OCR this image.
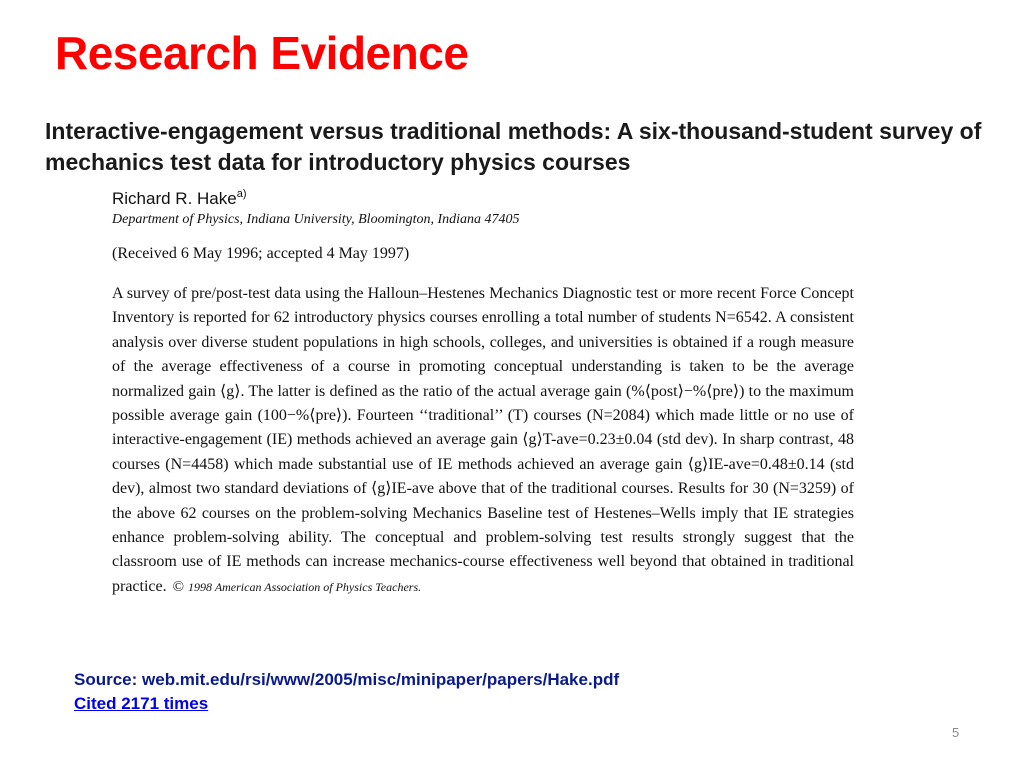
Research Evidence
Interactive-engagement versus traditional methods: A six-thousand-student survey of mechanics test data for introductory physics courses
Richard R. Hake$^{a)}$
Department of Physics, Indiana University, Bloomington, Indiana 47405
(Received 6 May 1996; accepted 4 May 1997)

A survey of pre/post-test data using the Halloun–Hestenes Mechanics Diagnostic test or more recent Force Concept Inventory is reported for 62 introductory physics courses enrolling a total number of students N=6542. A consistent analysis over diverse student populations in high schools, colleges, and universities is obtained if a rough measure of the average effectiveness of a course in promoting conceptual understanding is taken to be the average normalized gain ⟨g⟩. The latter is defined as the ratio of the actual average gain (%⟨post⟩−%⟨pre⟩) to the maximum possible average gain (100−%⟨pre⟩). Fourteen ‘‘traditional’’ (T) courses (N=2084) which made little or no use of interactive-engagement (IE) methods achieved an average gain ⟨g⟩T-ave=0.23±0.04 (std dev). In sharp contrast, 48 courses (N=4458) which made substantial use of IE methods achieved an average gain ⟨g⟩IE-ave=0.48±0.14 (std dev), almost two standard deviations of ⟨g⟩IE-ave above that of the traditional courses. Results for 30 (N=3259) of the above 62 courses on the problem-solving Mechanics Baseline test of Hestenes–Wells imply that IE strategies enhance problem-solving ability. The conceptual and problem-solving test results strongly suggest that the classroom use of IE methods can increase mechanics-course effectiveness well beyond that obtained in traditional practice. © 1998 American Association of Physics Teachers.

Source: web.mit.edu/rsi/www/2005/misc/minipaper/papers/Hake.pdf
Cited 2171 times
5
